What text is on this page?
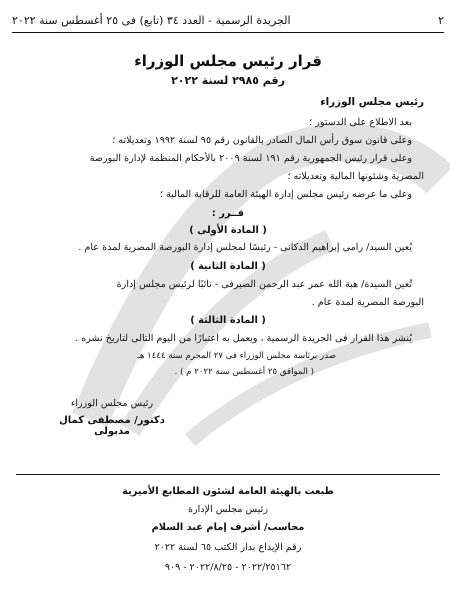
٢
الجريدة الرسمية - العدد ٣٤ (تابع) فى ٢٥ أغسطس سنة ٢٠٢٢
قرار رئيس مجلس الوزراء
رقم ٢٩٨٥ لسنة ٢٠٢٢
رئيس مجلس الوزراء
بعد الاطلاع على الدستور ؛
وعلى قانون سوق رأس المال الصادر بالقانون رقم ٩٥ لسنة ١٩٩٢ وتعديلاته ؛
وعلى قرار رئيس الجمهورية رقم ١٩١ لسنة ٢٠٠٩ بالأحكام المنظمة لإدارة البورصة
المصرية وشئونها المالية وتعديلاته ؛
وعلى ما عرضه رئيس مجلس إدارة الهيئة العامة للرقابة المالية ؛
قــرر :
( المادة الأولى )
يُعين السيد/ رامى إبراهيم الدكانى - رئيسًا لمجلس إدارة البورصة المصرية لمدة عام .
( المادة الثانية )
تُعين السيدة/ هبة الله عمر عبد الرحمن الصيرفى - نائبًا لرئيس مجلس إدارة
البورصة المصرية لمدة عام .
( المادة الثالثة )
يُنشر هذا القرار فى الجريدة الرسمية ، ويعمل به اعتبارًا من اليوم التالى لتاريخ نشره .
صدر برئاسة مجلس الوزراء فى ٢٧ المحرم سنة ١٤٤٤ هـ
( الموافق ٢٥ أغسطس سنة ٢٠٢٢ م ) .
رئيس مجلس الوزراء
دكتور/ مصطفى كمال مدبولى
طبعت بالهيئة العامة لشئون المطابع الأميرية
رئيس مجلس الإدارة
محاسب/ أشرف إمام عبد السلام
رقم الإيداع بدار الكتب ٦٥ لسنة ٢٠٢٢
٢٠٢٢/٢٥١٦٢ - ٢٠٢٢/٨/٢٥ - ٩٠٩
